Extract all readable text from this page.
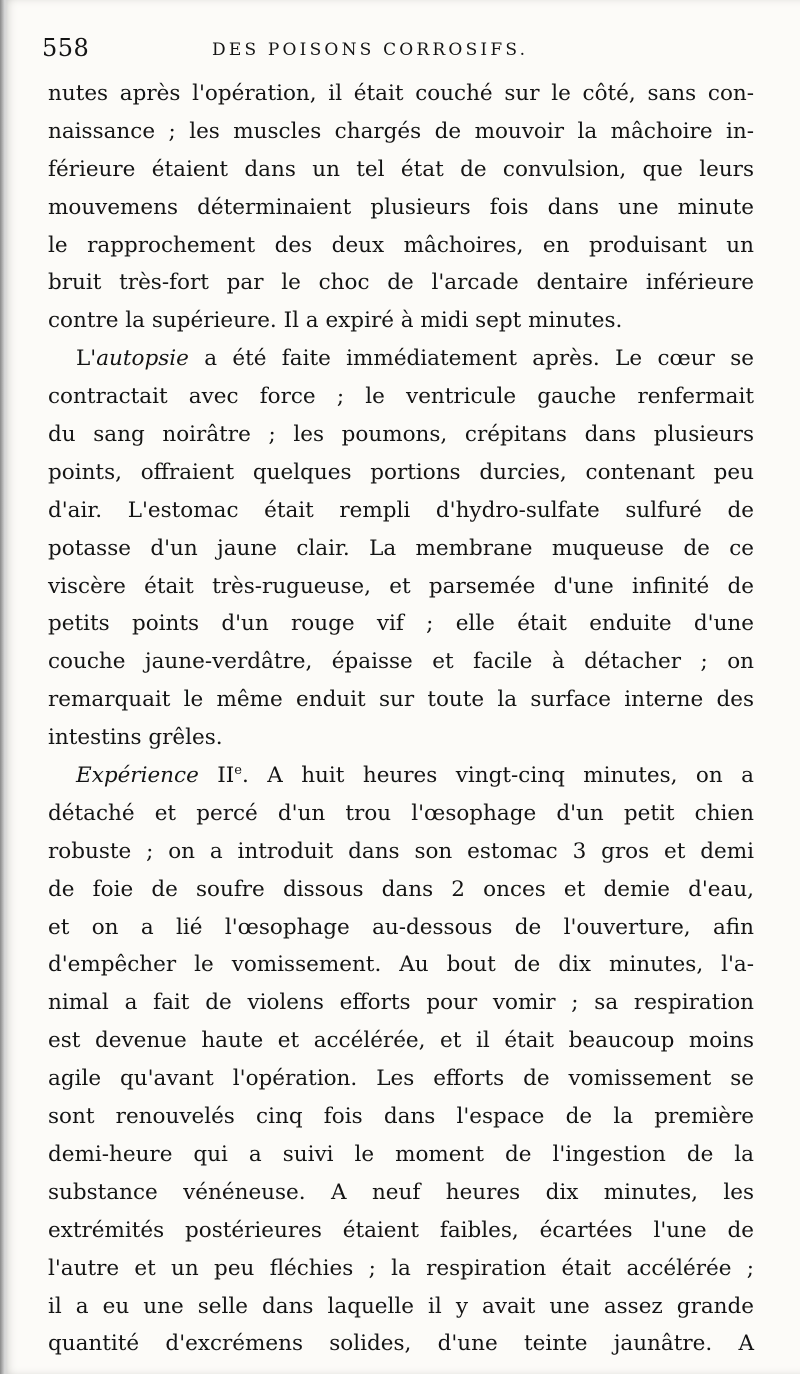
558	DES POISONS CORROSIFS.
nutes après l'opération, il était couché sur le côté, sans con-
naissance ; les muscles chargés de mouvoir la mâchoire in-
férieure étaient dans un tel état de convulsion, que leurs
mouvemens déterminaient plusieurs fois dans une minute
le rapprochement des deux mâchoires, en produisant un
bruit très-fort par le choc de l'arcade dentaire inférieure
contre la supérieure. Il a expiré à midi sept minutes.
L'autopsie a été faite immédiatement après. Le cœur se
contractait avec force ; le ventricule gauche renfermait
du sang noirâtre ; les poumons, crépitans dans plusieurs
points, offraient quelques portions durcies, contenant peu
d'air. L'estomac était rempli d'hydro-sulfate sulfuré de
potasse d'un jaune clair. La membrane muqueuse de ce
viscère était très-rugueuse, et parsemée d'une infinité de
petits points d'un rouge vif ; elle était enduite d'une
couche jaune-verdâtre, épaisse et facile à détacher ; on
remarquait le même enduit sur toute la surface interne des
intestins grêles.
Expérience IIe. A huit heures vingt-cinq minutes, on a
détaché et percé d'un trou l'œsophage d'un petit chien
robuste ; on a introduit dans son estomac 3 gros et demi
de foie de soufre dissous dans 2 onces et demie d'eau,
et on a lié l'œsophage au-dessous de l'ouverture, afin
d'empêcher le vomissement. Au bout de dix minutes, l'a-
nimal a fait de violens efforts pour vomir ; sa respiration
est devenue haute et accélérée, et il était beaucoup moins
agile qu'avant l'opération. Les efforts de vomissement se
sont renouvelés cinq fois dans l'espace de la première
demi-heure qui a suivi le moment de l'ingestion de la
substance vénéneuse. A neuf heures dix minutes, les
extrémités postérieures étaient faibles, écartées l'une de
l'autre et un peu fléchies ; la respiration était accélérée ;
il a eu une selle dans laquelle il y avait une assez grande
quantité d'excrémens solides, d'une teinte jaunâtre. A
